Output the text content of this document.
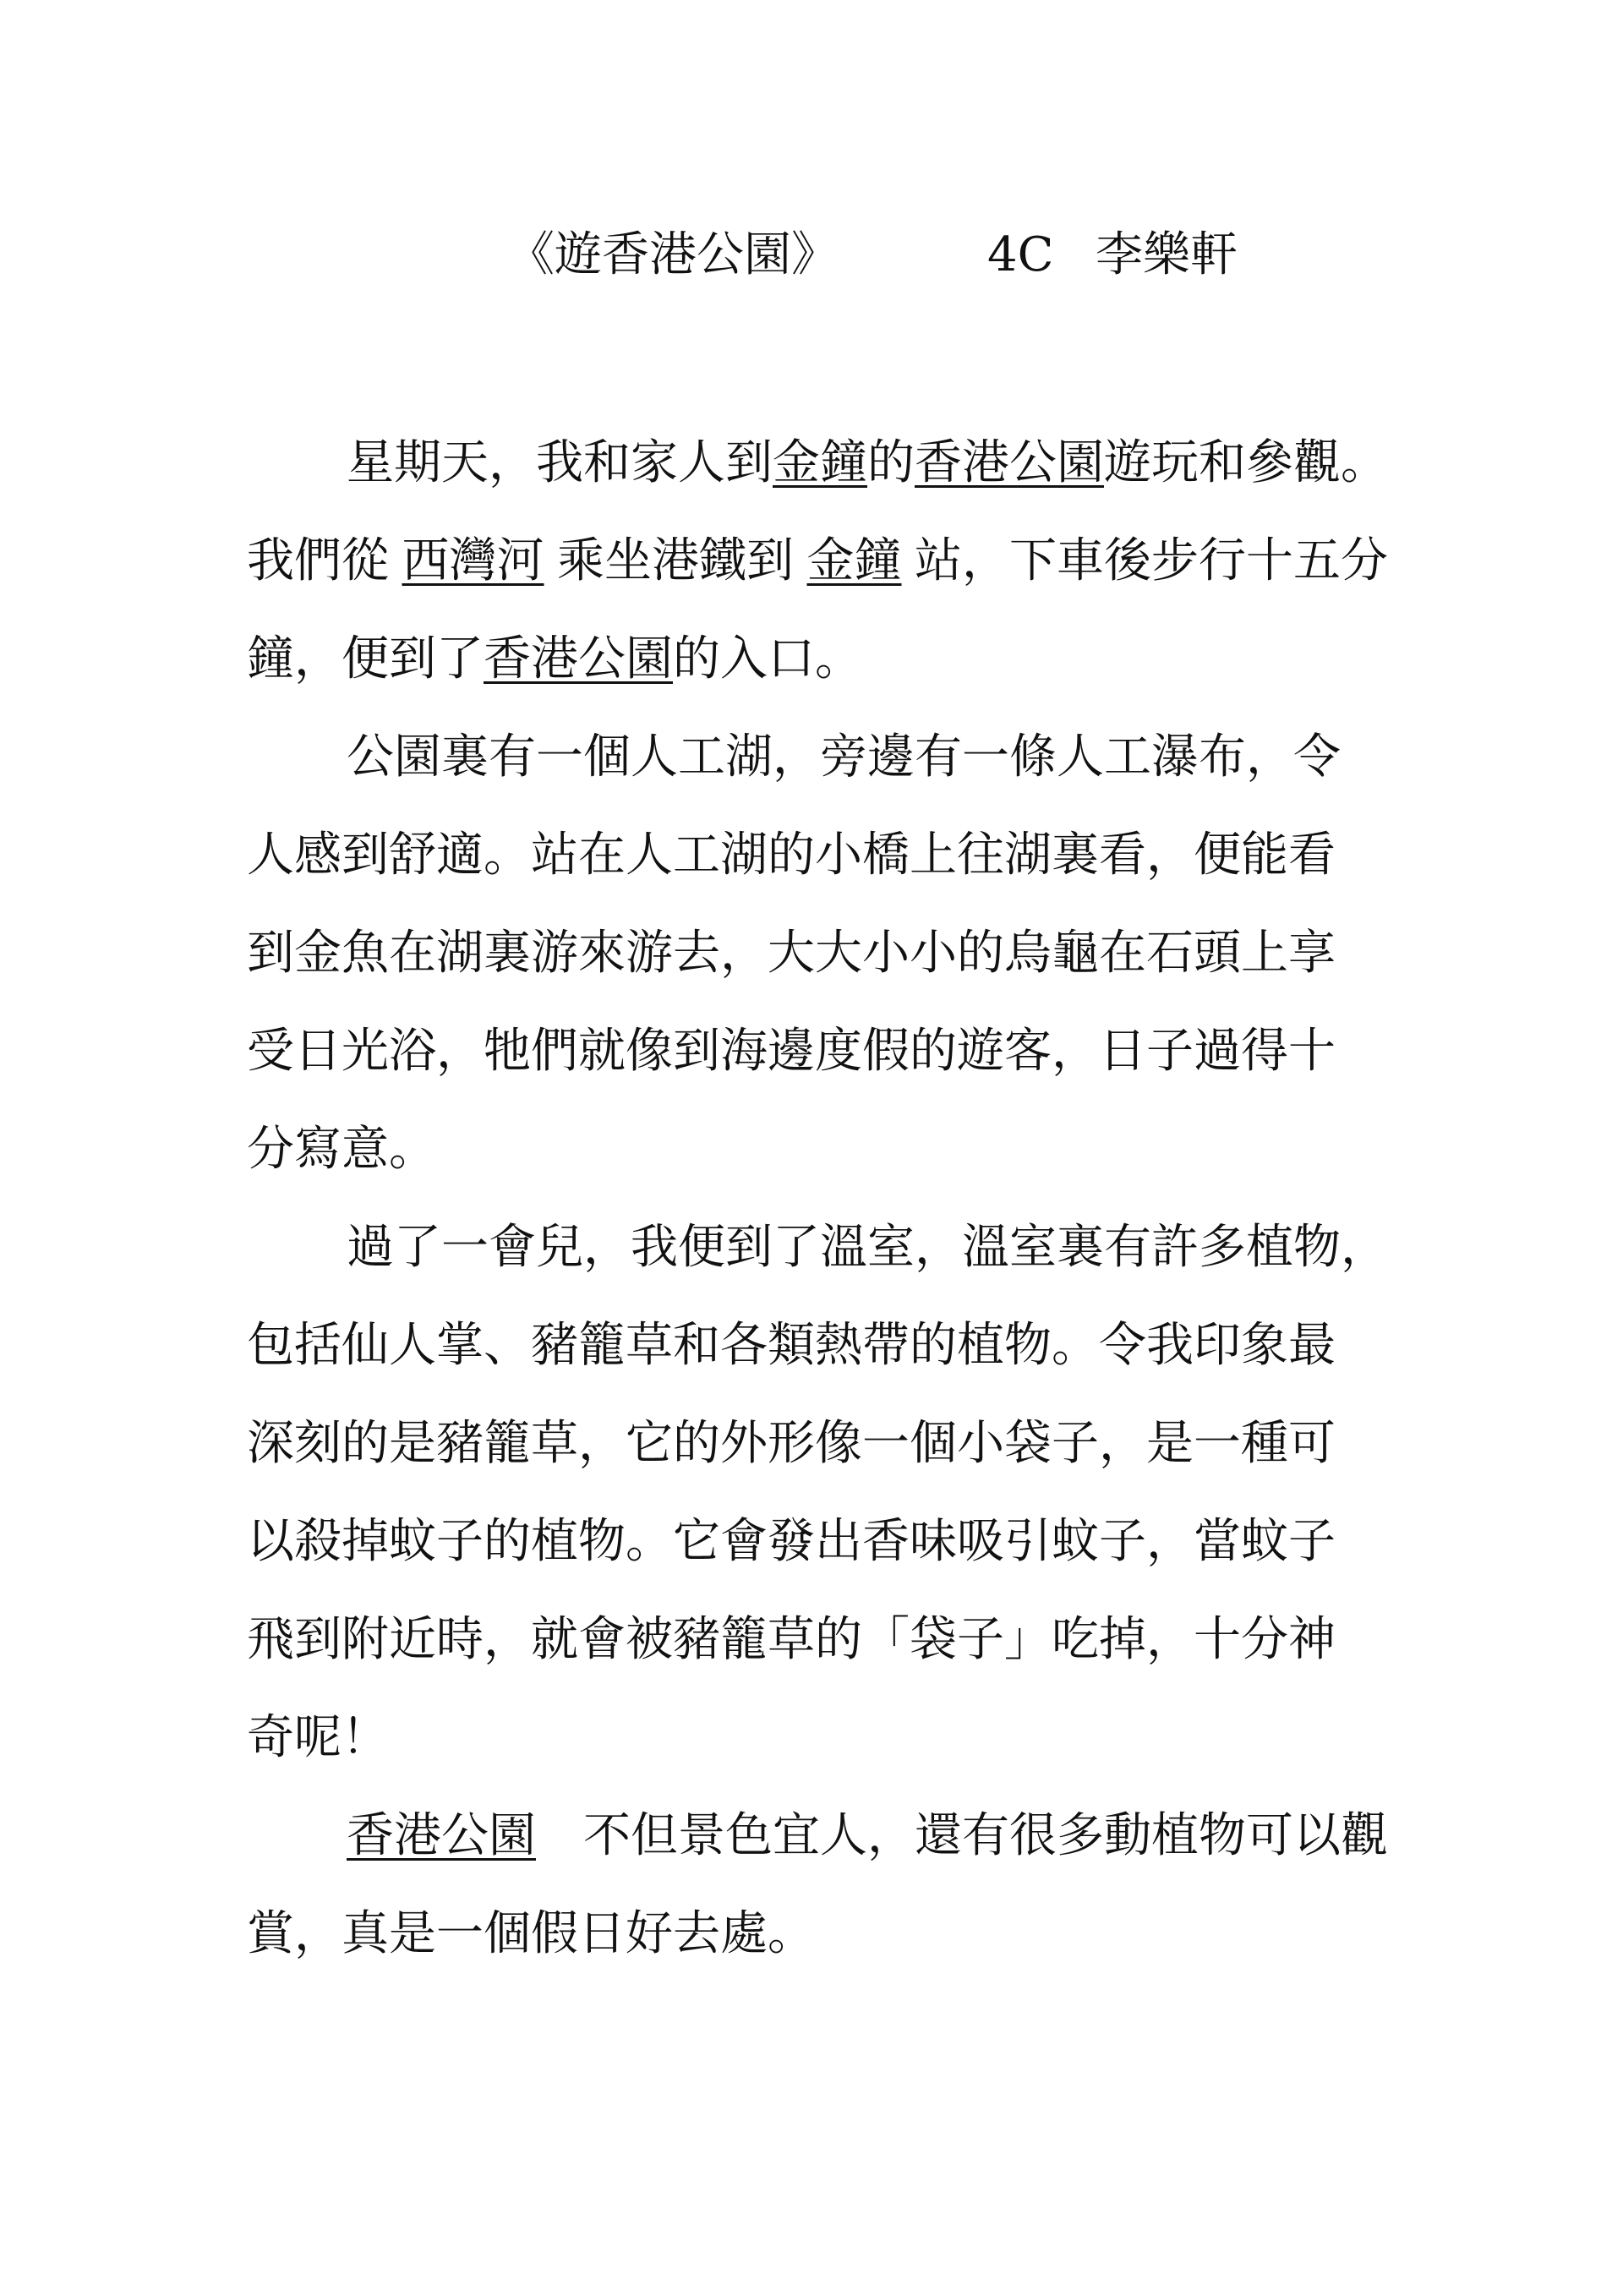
《遊香港公園》	4C 李樂軒
星期天，我和家人到 金鐘 的 香港公園 遊玩和參觀。
我們從 西灣河 乘坐港鐵到 金鐘 站，下車後步行十五分
鐘，便到了 香港公園 的入口。
公園裏有一個人工湖，旁邊有一條人工瀑布，令
人感到舒適。站在人工湖的小橋上往湖裏看，便能看
到金魚在湖裏游來游去，大大小小的烏龜在石頭上享
受日光浴，牠們就像到海邊度假的遊客，日子過得十
分寫意。
過了一會兒，我便到了溫室，溫室裏有許多植物，
包括仙人掌、豬籠草和各類熱帶的植物。令我印象最
深刻的是豬籠草，它的外形像一個小袋子，是一種可
以殺掉蚊子的植物。它會發出香味吸引蚊子，當蚊子
飛到附近時，就會被豬籠草的「袋子」吃掉，十分神
奇呢！
香港公園 不但景色宜人，還有很多動植物可以觀
賞，真是一個假日好去處。
